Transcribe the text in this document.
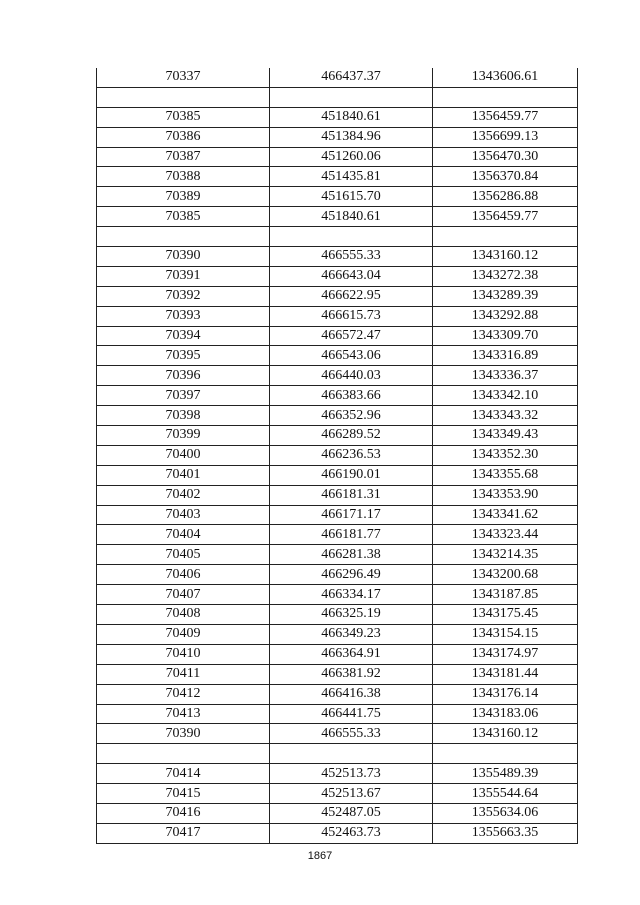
70337	466437.37	1343606.61

70385	451840.61	1356459.77
70386	451384.96	1356699.13
70387	451260.06	1356470.30
70388	451435.81	1356370.84
70389	451615.70	1356286.88
70385	451840.61	1356459.77

70390	466555.33	1343160.12
70391	466643.04	1343272.38
70392	466622.95	1343289.39
70393	466615.73	1343292.88
70394	466572.47	1343309.70
70395	466543.06	1343316.89
70396	466440.03	1343336.37
70397	466383.66	1343342.10
70398	466352.96	1343343.32
70399	466289.52	1343349.43
70400	466236.53	1343352.30
70401	466190.01	1343355.68
70402	466181.31	1343353.90
70403	466171.17	1343341.62
70404	466181.77	1343323.44
70405	466281.38	1343214.35
70406	466296.49	1343200.68
70407	466334.17	1343187.85
70408	466325.19	1343175.45
70409	466349.23	1343154.15
70410	466364.91	1343174.97
70411	466381.92	1343181.44
70412	466416.38	1343176.14
70413	466441.75	1343183.06
70390	466555.33	1343160.12

70414	452513.73	1355489.39
70415	452513.67	1355544.64
70416	452487.05	1355634.06
70417	452463.73	1355663.35
1867
